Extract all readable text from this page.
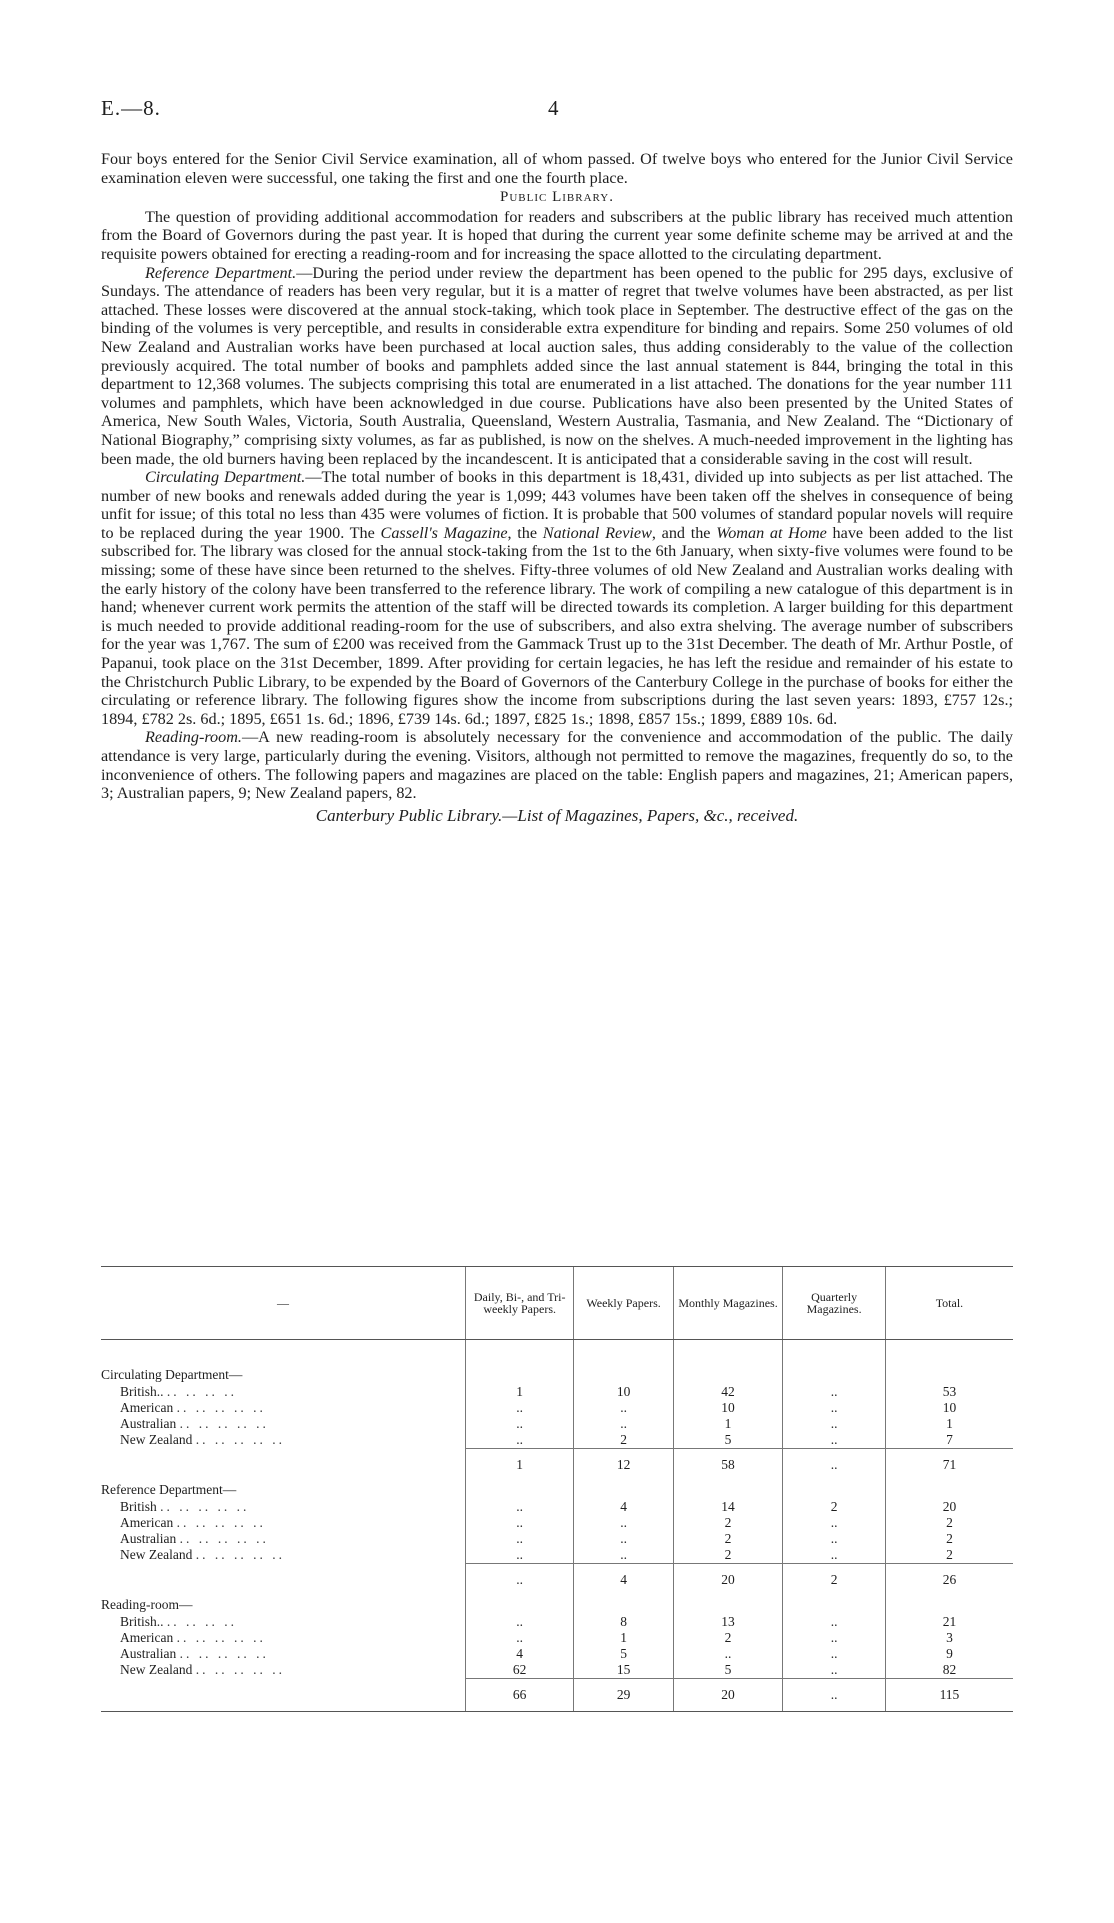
E.—8.	4

Four boys entered for the Senior Civil Service examination, all of whom passed. Of twelve boys who entered for the Junior Civil Service examination eleven were successful, one taking the first and one the fourth place.

Public Library.

The question of providing additional accommodation for readers and subscribers at the public library has received much attention from the Board of Governors during the past year. It is hoped that during the current year some definite scheme may be arrived at and the requisite powers obtained for erecting a reading-room and for increasing the space allotted to the circulating department.

Reference Department.—During the period under review the department has been opened to the public for 295 days, exclusive of Sundays. The attendance of readers has been very regular, but it is a matter of regret that twelve volumes have been abstracted, as per list attached. These losses were discovered at the annual stock-taking, which took place in September. The destructive effect of the gas on the binding of the volumes is very perceptible, and results in considerable extra expenditure for binding and repairs. Some 250 volumes of old New Zealand and Australian works have been purchased at local auction sales, thus adding considerably to the value of the collection previously acquired. The total number of books and pamphlets added since the last annual statement is 844, bringing the total in this department to 12,368 volumes. The subjects comprising this total are enumerated in a list attached. The donations for the year number 111 volumes and pamphlets, which have been acknowledged in due course. Publications have also been presented by the United States of America, New South Wales, Victoria, South Australia, Queensland, Western Australia, Tasmania, and New Zealand. The “Dictionary of National Biography,” comprising sixty volumes, as far as published, is now on the shelves. A much-needed improvement in the lighting has been made, the old burners having been replaced by the incandescent. It is anticipated that a considerable saving in the cost will result.

Circulating Department.—The total number of books in this department is 18,431, divided up into subjects as per list attached. The number of new books and renewals added during the year is 1,099; 443 volumes have been taken off the shelves in consequence of being unfit for issue; of this total no less than 435 were volumes of fiction. It is probable that 500 volumes of standard popular novels will require to be replaced during the year 1900. The Cassell's Magazine, the National Review, and the Woman at Home have been added to the list subscribed for. The library was closed for the annual stock-taking from the 1st to the 6th January, when sixty-five volumes were found to be missing; some of these have since been returned to the shelves. Fifty-three volumes of old New Zealand and Australian works dealing with the early history of the colony have been transferred to the reference library. The work of compiling a new catalogue of this department is in hand; whenever current work permits the attention of the staff will be directed towards its completion. A larger building for this department is much needed to provide additional reading-room for the use of subscribers, and also extra shelving. The average number of subscribers for the year was 1,767. The sum of £200 was received from the Gammack Trust up to the 31st December. The death of Mr. Arthur Postle, of Papanui, took place on the 31st December, 1899. After providing for certain legacies, he has left the residue and remainder of his estate to the Christchurch Public Library, to be expended by the Board of Governors of the Canterbury College in the purchase of books for either the circulating or reference library. The following figures show the income from subscriptions during the last seven years: 1893, £757 12s.; 1894, £782 2s. 6d.; 1895, £651 1s. 6d.; 1896, £739 14s. 6d.; 1897, £825 1s.; 1898, £857 15s.; 1899, £889 10s. 6d.

Reading-room.—A new reading-room is absolutely necessary for the convenience and accommodation of the public. The daily attendance is very large, particularly during the evening. Visitors, although not permitted to remove the magazines, frequently do so, to the inconvenience of others. The following papers and magazines are placed on the table: English papers and magazines, 21; American papers, 3; Australian papers, 9; New Zealand papers, 82.

Canterbury Public Library.—List of Magazines, Papers, &c., received.

—	Daily, Bi-, and Tri-weekly Papers.	Weekly Papers.	Monthly Magazines.	Quarterly Magazines.	Total.

Circulating Department—					
British.. .. .. .. ..	1	10	42	..	53
American .. .. .. .. ..	..	..	10	..	10
Australian .. .. .. .. ..	..	..	1	..	1
New Zealand .. .. .. .. ..	..	2	5	..	7
	1	12	58	..	71
Reference Department—					
British .. .. .. .. ..	..	4	14	2	20
American .. .. .. .. ..	..	..	2	..	2
Australian .. .. .. .. ..	..	..	2	..	2
New Zealand .. .. .. .. ..	..	..	2	..	2
	..	4	20	2	26
Reading-room—					
British.. .. .. .. ..	..	8	13	..	21
American .. .. .. .. ..	..	1	2	..	3
Australian .. .. .. .. ..	4	5	..	..	9
New Zealand .. .. .. .. ..	62	15	5	..	82
	66	29	20	..	115
